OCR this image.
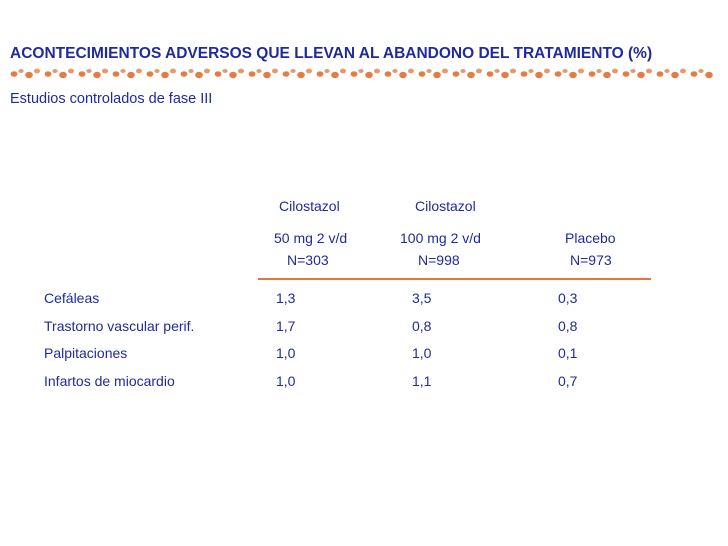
ACONTECIMIENTOS ADVERSOS QUE LLEVAN AL ABANDONO DEL TRATAMIENTO (%)
Estudios controlados de fase III
Cilostazol	Cilostazol
50 mg 2 v/d	100 mg 2 v/d	Placebo
N=303	N=998	N=973
Cefáleas	1,3	3,5	0,3
Trastorno vascular perif.	1,7	0,8	0,8
Palpitaciones	1,0	1,0	0,1
Infartos de miocardio	1,0	1,1	0,7
